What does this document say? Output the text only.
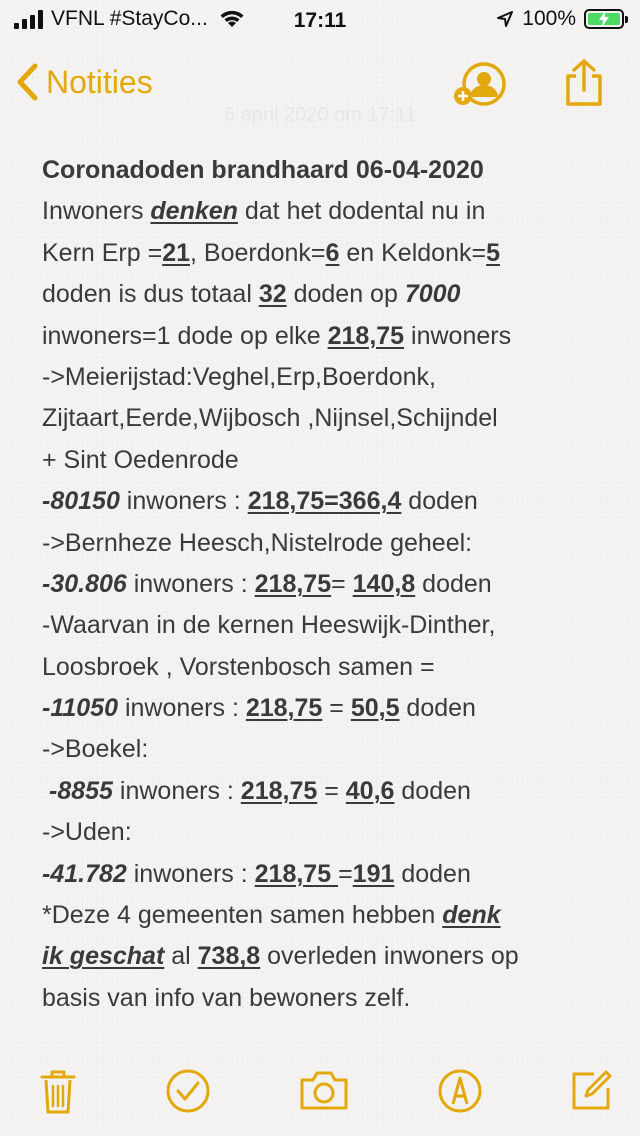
VFNL #StayCo...	17:11	100%
Notities
6 april 2020 om 17:11
Coronadoden brandhaard 06-04-2020
Inwoners denken dat het dodental nu in
Kern Erp =21, Boerdonk=6 en Keldonk=5
doden is dus totaal 32 doden op 7000
inwoners=1 dode op elke 218,75 inwoners
->Meierijstad:Veghel,Erp,Boerdonk,
Zijtaart,Eerde,Wijbosch ,Nijnsel,Schijndel
+ Sint Oedenrode
-80150 inwoners : 218,75=366,4 doden
->Bernheze Heesch,Nistelrode geheel:
-30.806 inwoners : 218,75= 140,8 doden
-Waarvan in de kernen Heeswijk-Dinther,
Loosbroek , Vorstenbosch samen =
-11050 inwoners : 218,75 = 50,5 doden
->Boekel:
-8855 inwoners : 218,75 = 40,6 doden
->Uden:
-41.782 inwoners : 218,75 =191 doden
*Deze 4 gemeenten samen hebben denk
ik geschat al 738,8 overleden inwoners op
basis van info van bewoners zelf.
